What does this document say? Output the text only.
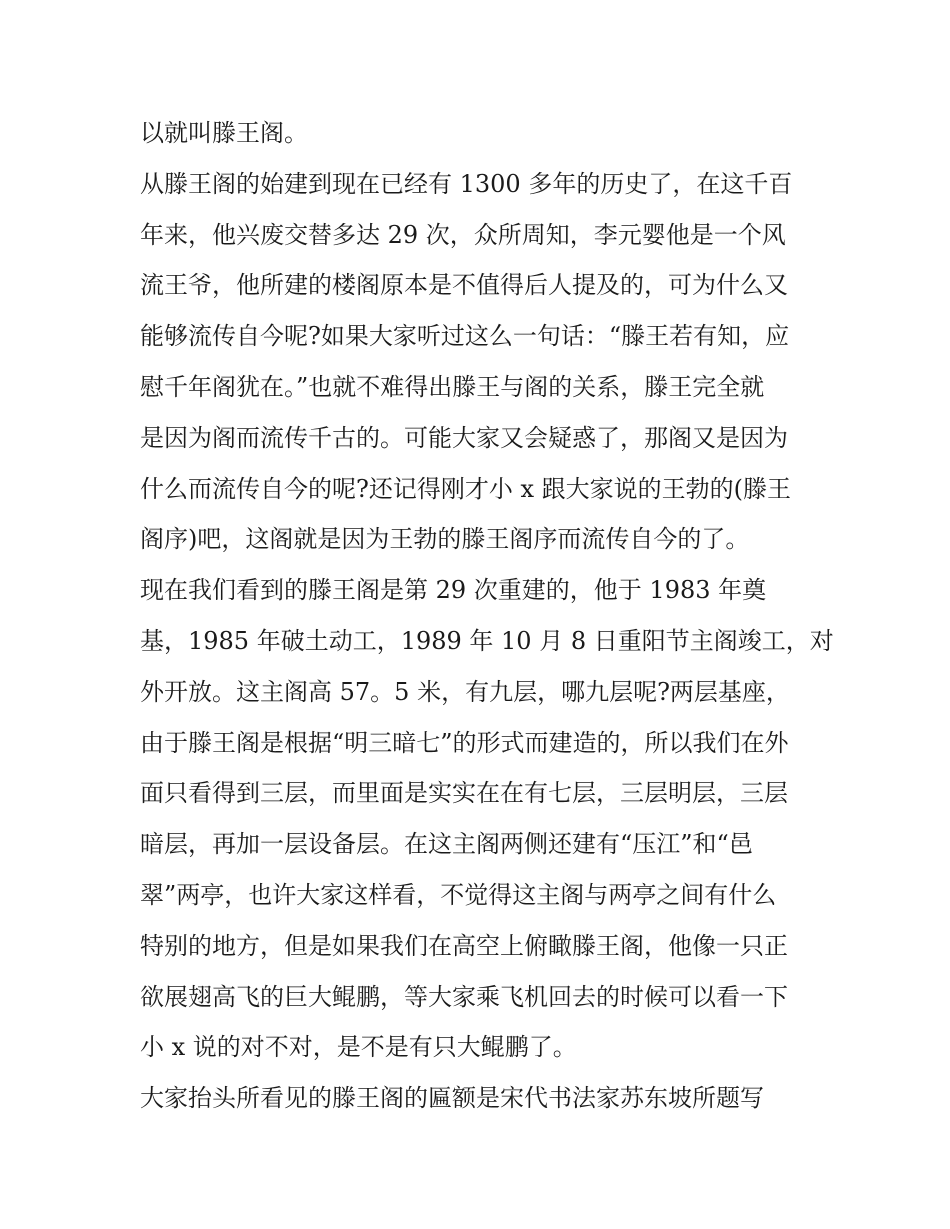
以就叫滕王阁。
从滕王阁的始建到现在已经有 1300 多年的历史了，在这千百
年来，他兴废交替多达 29 次，众所周知，李元婴他是一个风
流王爷，他所建的楼阁原本是不值得后人提及的，可为什么又
能够流传自今呢?如果大家听过这么一句话：“滕王若有知，应
慰千年阁犹在。”也就不难得出滕王与阁的关系，滕王完全就
是因为阁而流传千古的。可能大家又会疑惑了，那阁又是因为
什么而流传自今的呢?还记得刚才小 x 跟大家说的王勃的(滕王
阁序)吧，这阁就是因为王勃的滕王阁序而流传自今的了。
现在我们看到的滕王阁是第 29 次重建的，他于 1983 年奠
基，1985 年破土动工，1989 年 10 月 8 日重阳节主阁竣工，对
外开放。这主阁高 57。5 米，有九层，哪九层呢?两层基座，
由于滕王阁是根据“明三暗七”的形式而建造的，所以我们在外
面只看得到三层，而里面是实实在在有七层，三层明层，三层
暗层，再加一层设备层。在这主阁两侧还建有“压江”和“邑
翠”两亭，也许大家这样看，不觉得这主阁与两亭之间有什么
特别的地方，但是如果我们在高空上俯瞰滕王阁，他像一只正
欲展翅高飞的巨大鲲鹏，等大家乘飞机回去的时候可以看一下
小 x 说的对不对，是不是有只大鲲鹏了。
大家抬头所看见的滕王阁的匾额是宋代书法家苏东坡所题写
